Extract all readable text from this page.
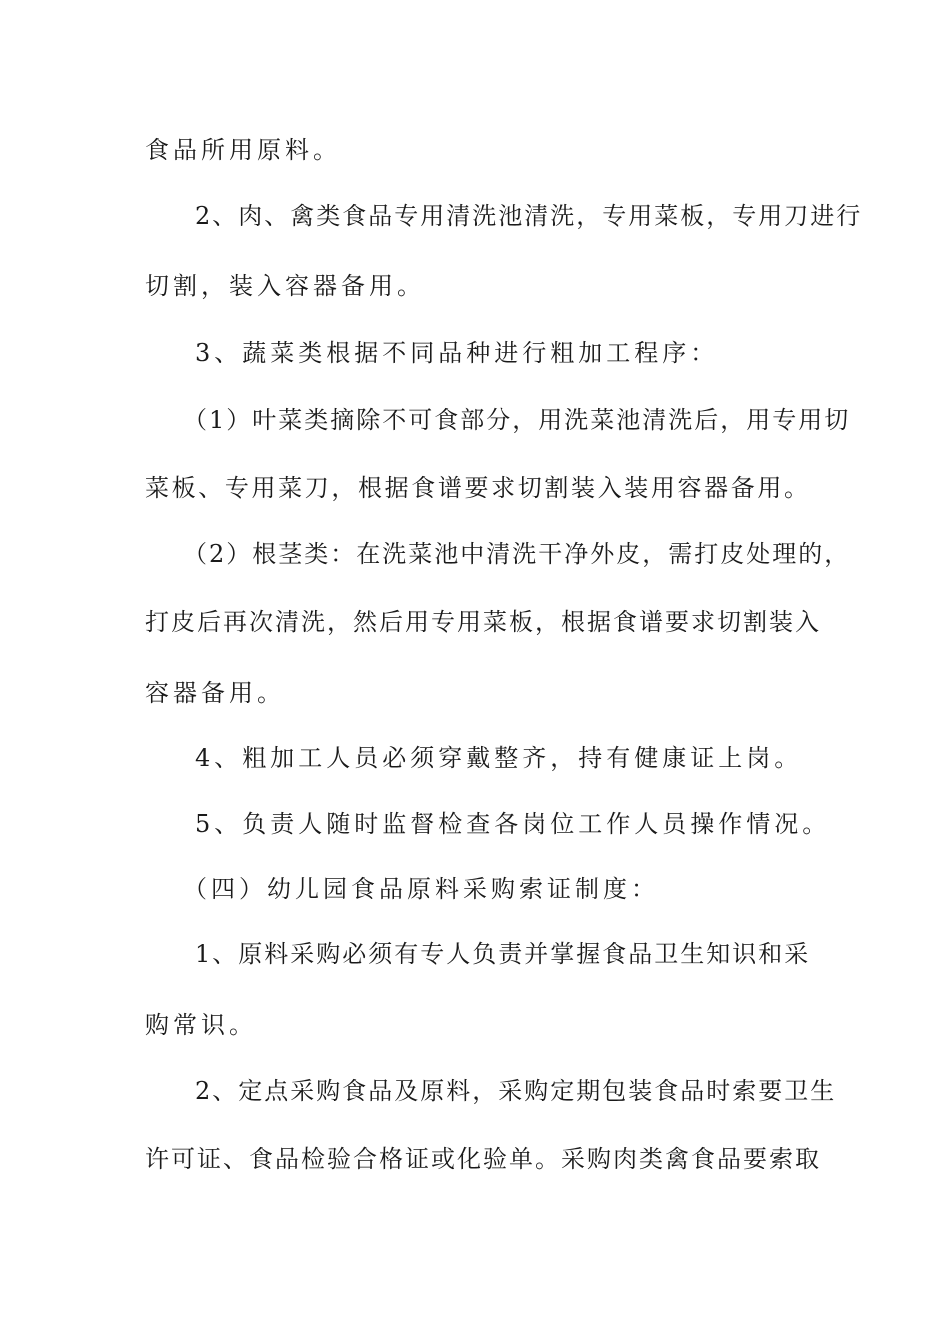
食品所用原料。
2、肉、禽类食品专用清洗池清洗，专用菜板，专用刀进行
切割，装入容器备用。
3、蔬菜类根据不同品种进行粗加工程序：
（1）叶菜类摘除不可食部分，用洗菜池清洗后，用专用切
菜板、专用菜刀，根据食谱要求切割装入装用容器备用。
（2）根茎类：在洗菜池中清洗干净外皮，需打皮处理的，
打皮后再次清洗，然后用专用菜板，根据食谱要求切割装入
容器备用。
4、粗加工人员必须穿戴整齐，持有健康证上岗。
5、负责人随时监督检查各岗位工作人员操作情况。
（四）幼儿园食品原料采购索证制度：
1、原料采购必须有专人负责并掌握食品卫生知识和采
购常识。
2、定点采购食品及原料，采购定期包装食品时索要卫生
许可证、食品检验合格证或化验单。采购肉类禽食品要索取
